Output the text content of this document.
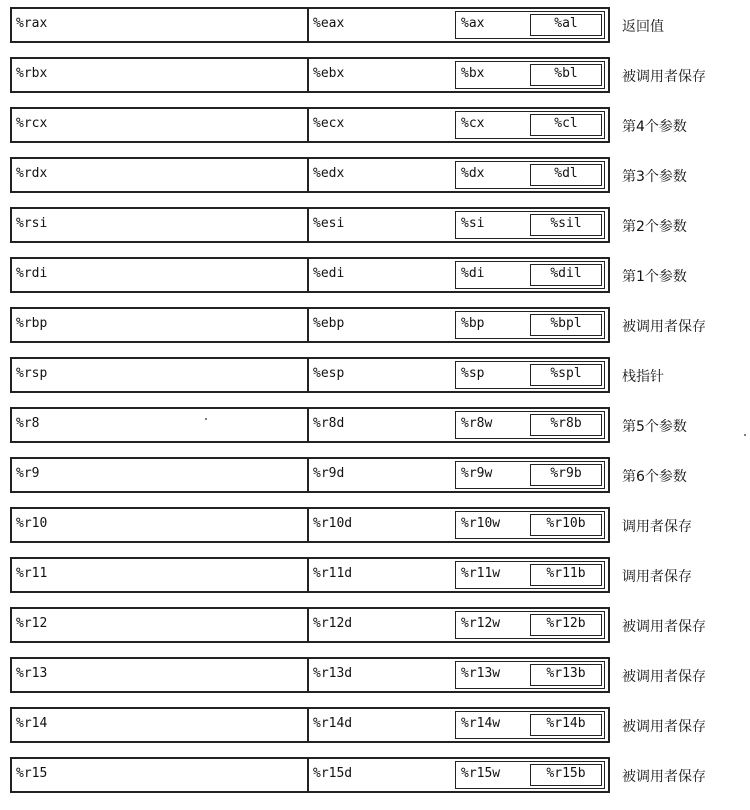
%rax	%eax	%ax	%al	返回值
%rbx	%ebx	%bx	%bl	被调用者保存
%rcx	%ecx	%cx	%cl	第4个参数
%rdx	%edx	%dx	%dl	第3个参数
%rsi	%esi	%si	%sil	第2个参数
%rdi	%edi	%di	%dil	第1个参数
%rbp	%ebp	%bp	%bpl	被调用者保存
%rsp	%esp	%sp	%spl	栈指针
%r8	%r8d	%r8w	%r8b	第5个参数
%r9	%r9d	%r9w	%r9b	第6个参数
%r10	%r10d	%r10w	%r10b	调用者保存
%r11	%r11d	%r11w	%r11b	调用者保存
%r12	%r12d	%r12w	%r12b	被调用者保存
%r13	%r13d	%r13w	%r13b	被调用者保存
%r14	%r14d	%r14w	%r14b	被调用者保存
%r15	%r15d	%r15w	%r15b	被调用者保存
